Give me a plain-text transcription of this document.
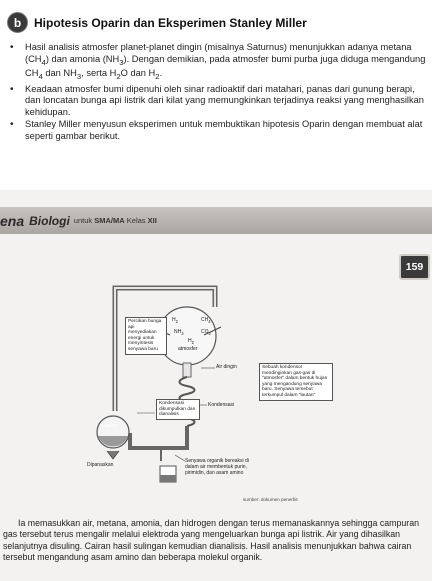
b	Hipotesis Oparin dan Eksperimen Stanley Miller
• Hasil analisis atmosfer planet-planet dingin (misalnya Saturnus) menunjukkan adanya metana $(CH_4)$ dan amonia $(NH_3)$. Dengan demikian, pada atmosfer bumi purba juga diduga mengandung $CH_4$ dan $NH_3$, serta $H_2O$ dan $H_2$.
• Keadaan atmosfer bumi dipenuhi oleh sinar radioaktif dari matahari, panas dari gunung berapi, dan loncatan bunga api listrik dari kilat yang memungkinkan terjadinya reaksi yang menghasilkan kehidupan.
• Stanley Miller menyusun eksperimen untuk membuktikan hipotesis Oparin dengan membuat alat seperti gambar berikut.
ena Biologi untuk SMA/MA Kelas XII
159
$H_2$	$CH_4$
$NH_3$	$CO_2$
$H_2$
atmosfer
Percikan bunga api menyediakan energi untuk menyintesis senyawa baru
Air dingin	Sebuah kondensor mendinginkan gas-gas di "atmosfer" dalam bentuk hujan yang mengandung senyawa baru. Senyawa tersebut terkumpul dalam "lautan"
Kondensasi dikumpulkan dan dianalisis
Kondensasi
Lautan
Dipanaskan
Senyawa organik bereaksi di dalam air membentuk purin, pirimidin, dan asam amino
sumber: dokumen penerbit
Ia memasukkan air, metana, amonia, dan hidrogen dengan terus memanaskannya sehingga campuran gas tersebut terus mengalir melalui elektroda yang mengeluarkan bunga api listrik. Air yang dihasilkan selanjutnya disuling. Cairan hasil sulingan kemudian dianalisis. Hasil analisis menunjukkan bahwa cairan tersebut mengandung asam amino dan beberapa molekul organik.
